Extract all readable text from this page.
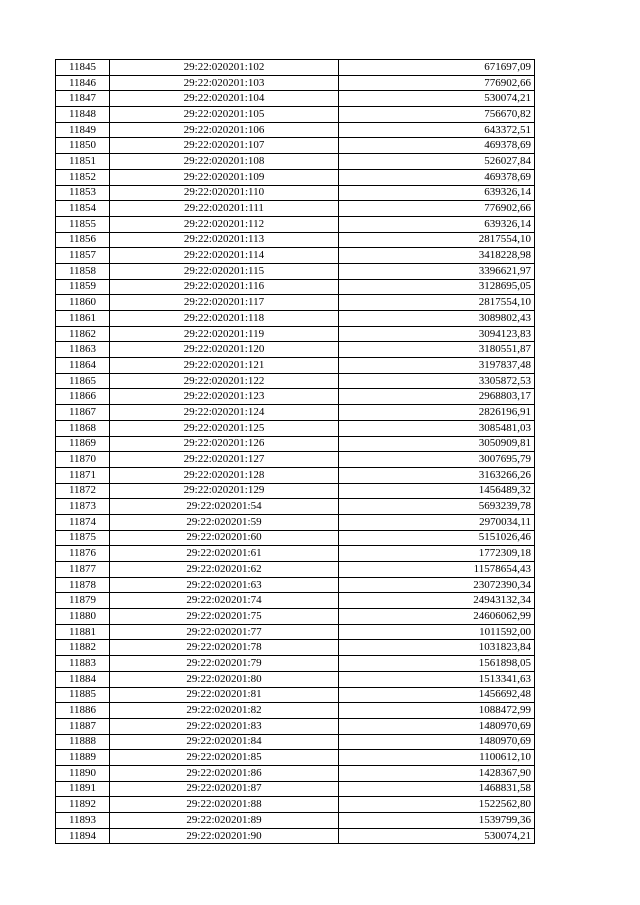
11845	29:22:020201:102	671697,09
11846	29:22:020201:103	776902,66
11847	29:22:020201:104	530074,21
11848	29:22:020201:105	756670,82
11849	29:22:020201:106	643372,51
11850	29:22:020201:107	469378,69
11851	29:22:020201:108	526027,84
11852	29:22:020201:109	469378,69
11853	29:22:020201:110	639326,14
11854	29:22:020201:111	776902,66
11855	29:22:020201:112	639326,14
11856	29:22:020201:113	2817554,10
11857	29:22:020201:114	3418228,98
11858	29:22:020201:115	3396621,97
11859	29:22:020201:116	3128695,05
11860	29:22:020201:117	2817554,10
11861	29:22:020201:118	3089802,43
11862	29:22:020201:119	3094123,83
11863	29:22:020201:120	3180551,87
11864	29:22:020201:121	3197837,48
11865	29:22:020201:122	3305872,53
11866	29:22:020201:123	2968803,17
11867	29:22:020201:124	2826196,91
11868	29:22:020201:125	3085481,03
11869	29:22:020201:126	3050909,81
11870	29:22:020201:127	3007695,79
11871	29:22:020201:128	3163266,26
11872	29:22:020201:129	1456489,32
11873	29:22:020201:54	5693239,78
11874	29:22:020201:59	2970034,11
11875	29:22:020201:60	5151026,46
11876	29:22:020201:61	1772309,18
11877	29:22:020201:62	11578654,43
11878	29:22:020201:63	23072390,34
11879	29:22:020201:74	24943132,34
11880	29:22:020201:75	24606062,99
11881	29:22:020201:77	1011592,00
11882	29:22:020201:78	1031823,84
11883	29:22:020201:79	1561898,05
11884	29:22:020201:80	1513341,63
11885	29:22:020201:81	1456692,48
11886	29:22:020201:82	1088472,99
11887	29:22:020201:83	1480970,69
11888	29:22:020201:84	1480970,69
11889	29:22:020201:85	1100612,10
11890	29:22:020201:86	1428367,90
11891	29:22:020201:87	1468831,58
11892	29:22:020201:88	1522562,80
11893	29:22:020201:89	1539799,36
11894	29:22:020201:90	530074,21
